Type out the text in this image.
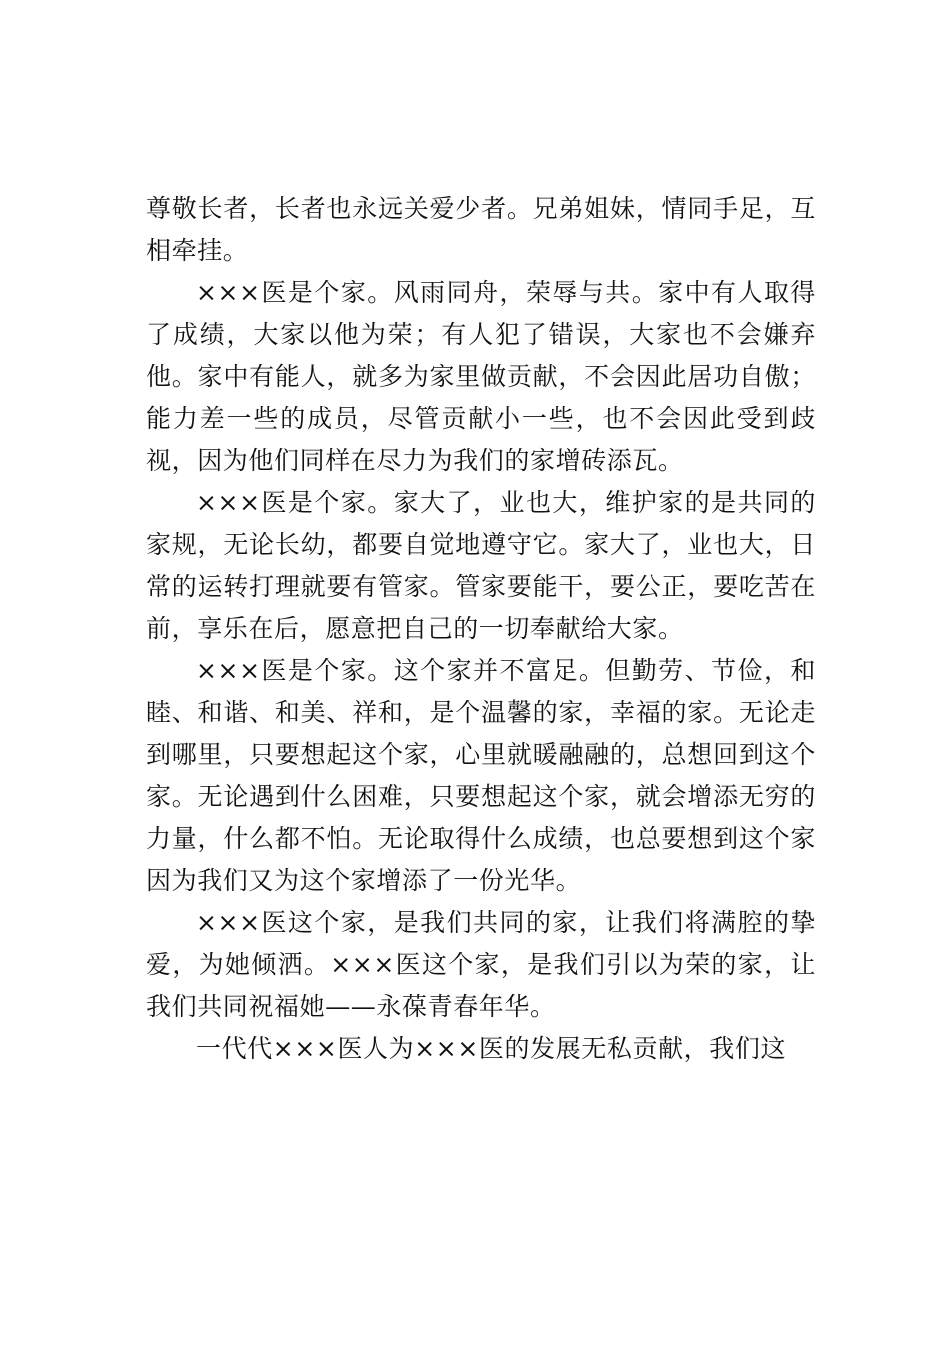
尊敬长者，长者也永远关爱少者。兄弟姐妹，情同手足，互相牵挂。

×××医是个家。风雨同舟，荣辱与共。家中有人取得了成绩，大家以他为荣；有人犯了错误，大家也不会嫌弃他。家中有能人，就多为家里做贡献，不会因此居功自傲；能力差一些的成员，尽管贡献小一些，也不会因此受到歧视，因为他们同样在尽力为我们的家增砖添瓦。

×××医是个家。家大了，业也大，维护家的是共同的家规，无论长幼，都要自觉地遵守它。家大了，业也大，日常的运转打理就要有管家。管家要能干，要公正，要吃苦在前，享乐在后，愿意把自己的一切奉献给大家。

×××医是个家。这个家并不富足。但勤劳、节俭，和睦、和谐、和美、祥和，是个温馨的家，幸福的家。无论走到哪里，只要想起这个家，心里就暖融融的，总想回到这个家。无论遇到什么困难，只要想起这个家，就会增添无穷的力量，什么都不怕。无论取得什么成绩，也总要想到这个家因为我们又为这个家增添了一份光华。

×××医这个家，是我们共同的家，让我们将满腔的挚爱，为她倾洒。×××医这个家，是我们引以为荣的家，让我们共同祝福她——永葆青春年华。

一代代×××医人为×××医的发展无私贡献，我们这
